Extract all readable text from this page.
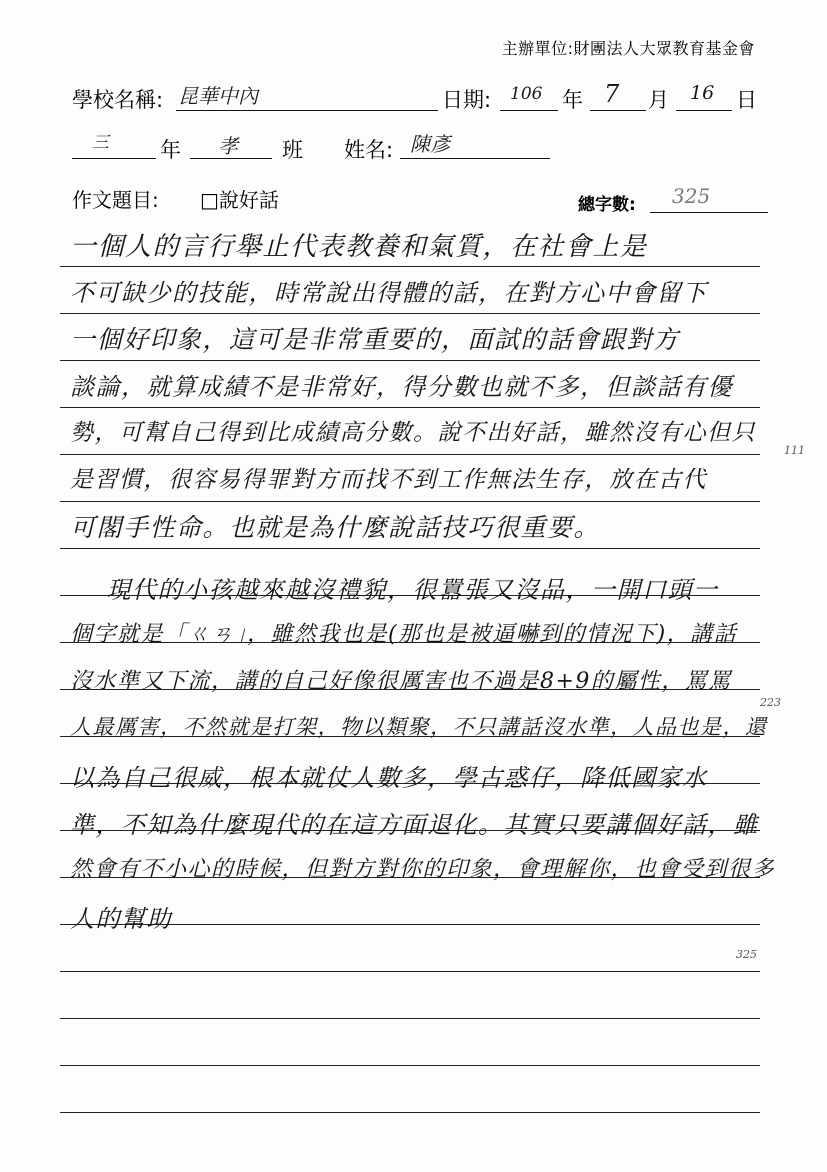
主辦單位:財團法人大眾教育基金會
學校名稱: 昆華中內	日期: 106 年 7 月 16 日
三 年 孝 班 姓名: 陳彥
作文題目: □說好話	總字數: 325
一個人的言行舉止代表教養和氣質，在社會上是
不可缺少的技能，時常說出得體的話，在對方心中會留下
一個好印象，這可是非常重要的，面試的話會跟對方
談論，就算成績不是非常好，得分數也就不多，但談話有優
勢，可幫自己得到比成績高分數。說不出好話，雖然沒有心但只
是習慣，很容易得罪對方而找不到工作無法生存，放在古代
可閣手性命。也就是為什麼說話技巧很重要。
現代的小孩越來越沒禮貌，很囂張又沒品，一開口頭一
個字就是「ㄍㄢ」，雖然我也是(那也是被逼嚇到的情況下)，講話
沒水準又下流，講的自己好像很厲害也不過是8+9的屬性，罵罵
人最厲害，不然就是打架，物以類聚，不只講話沒水準，人品也是，還
以為自己很威，根本就仗人數多，學古惑仔，降低國家水
準，不知為什麼現代的在這方面退化。其實只要講個好話，雖
然會有不小心的時候，但對方對你的印象，會理解你，也會受到很多
人的幫助
111
223
325
